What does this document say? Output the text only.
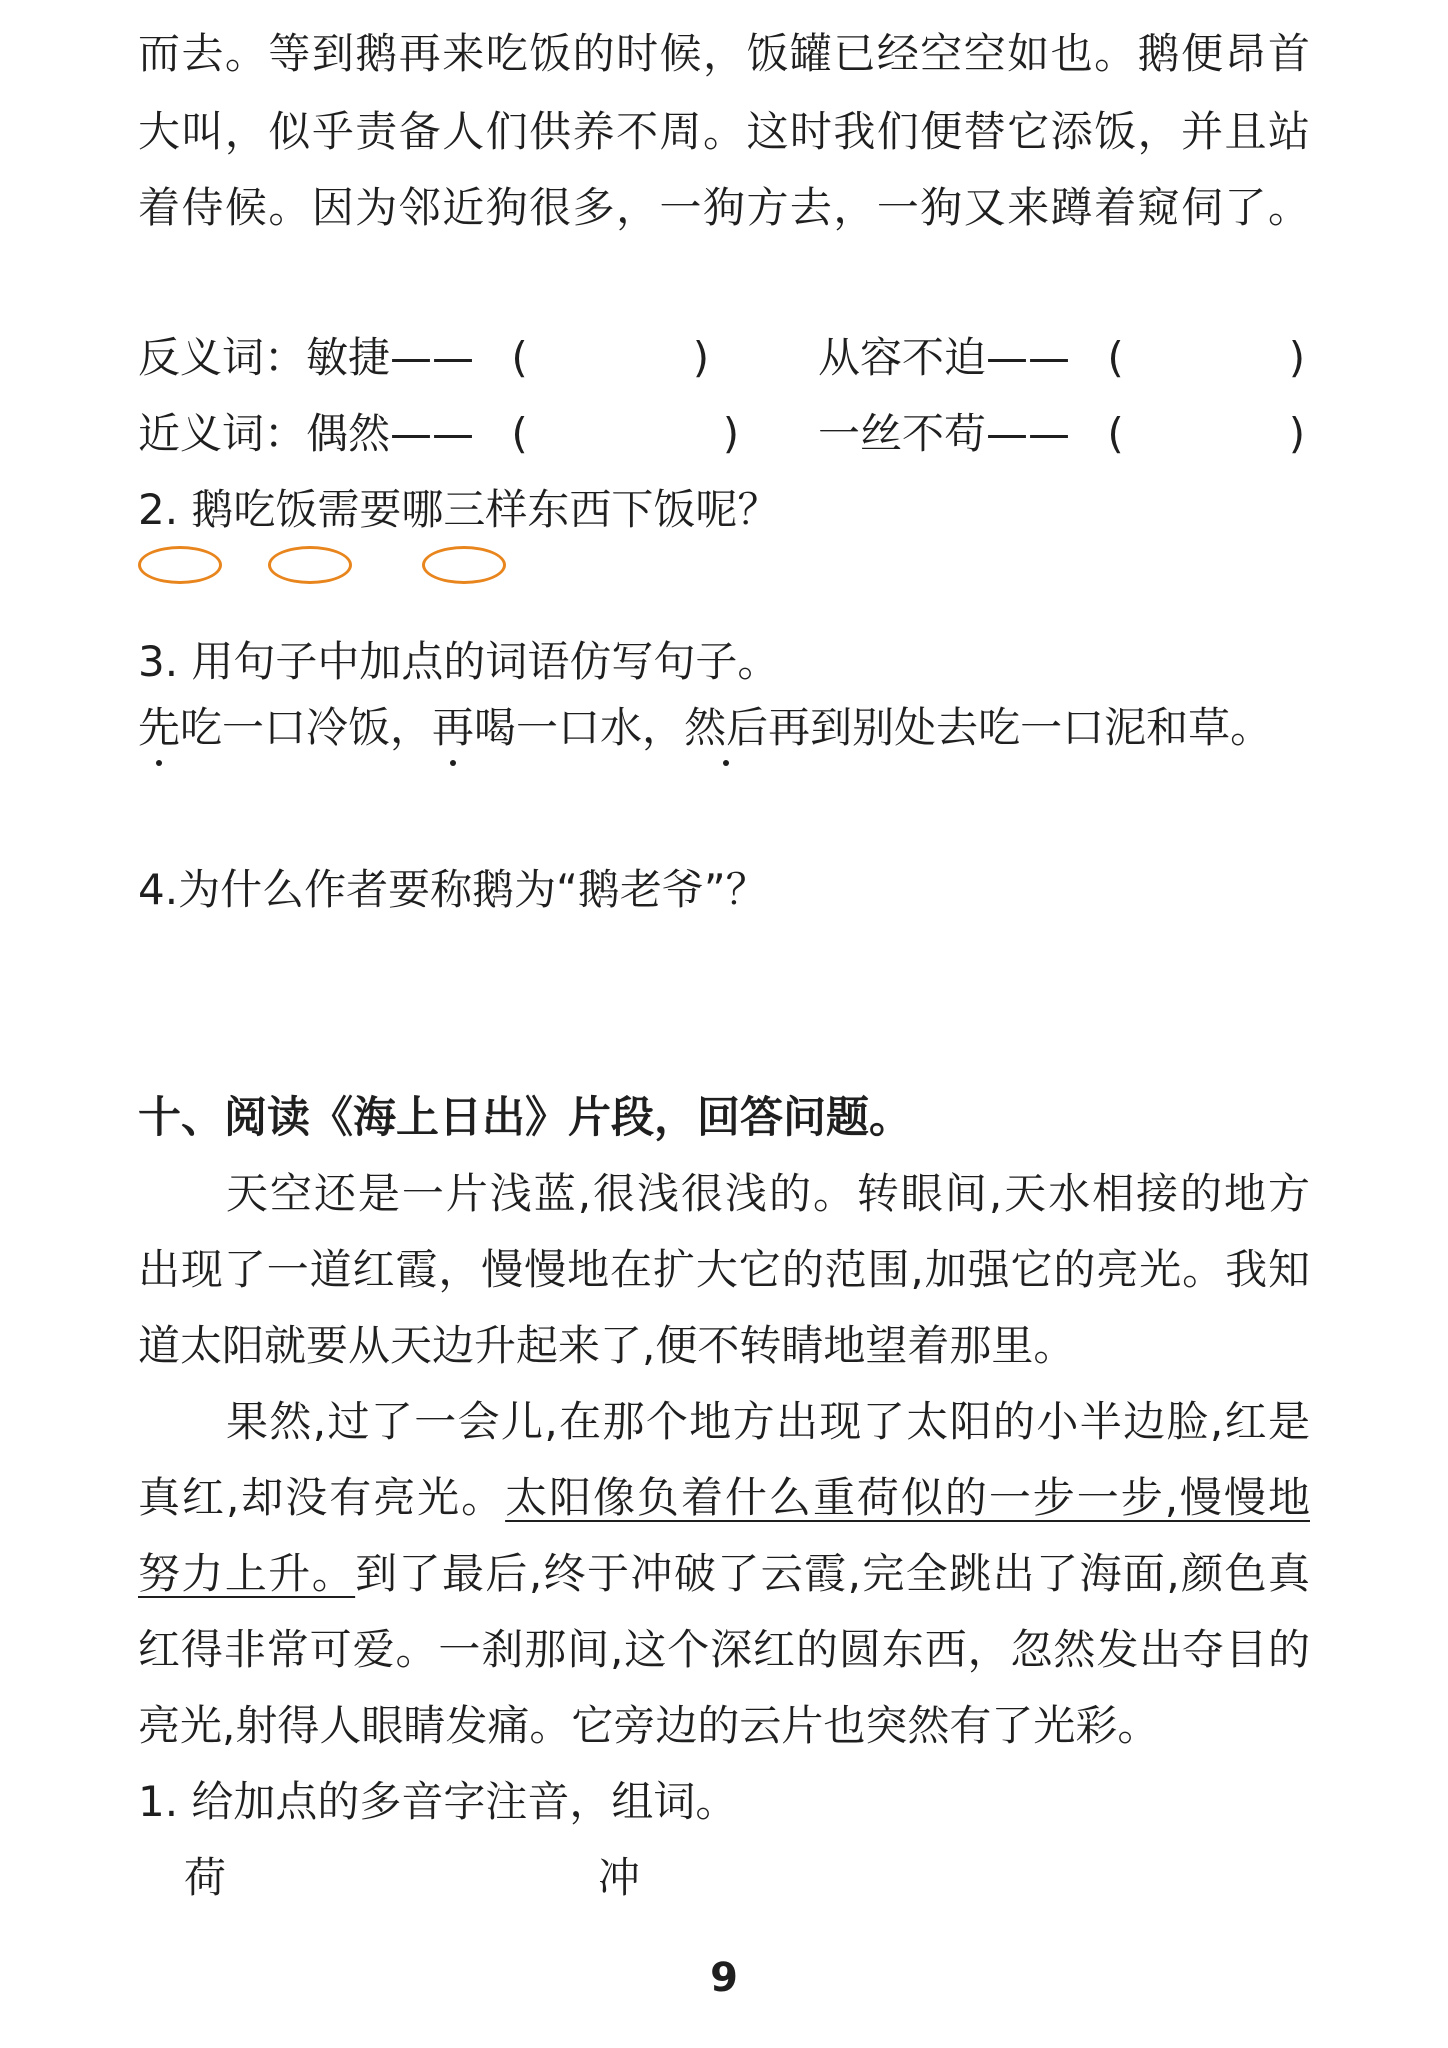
而去。等到鹅再来吃饭的时候，饭罐已经空空如也。鹅便昂首

大叫，似乎责备人们供养不周。这时我们便替它添饭，并且站

着侍候。因为邻近狗很多，一狗方去，一狗又来蹲着窥伺了。

反义词：敏捷—— (	)	从容不迫—— (	)
近义词：偶然—— (	) 一丝不苟—— (	)

2. 鹅吃饭需要哪三样东西下饭呢？

3. 用句子中加点的词语仿写句子。

先吃一口冷饭，再喝一口水，然后再到别处去吃一口泥和草。

4.为什么作者要称鹅为“鹅老爷”？

十、阅读《海上日出》片段，回答问题。

天空还是一片浅蓝,很浅很浅的。转眼间,天水相接的地方

出现了一道红霞，慢慢地在扩大它的范围,加强它的亮光。我知

道太阳就要从天边升起来了,便不转睛地望着那里。

果然,过了一会儿,在那个地方出现了太阳的小半边脸,红是

真红,却没有亮光。太阳像负着什么重荷似的一步一步,慢慢地

努力上升。到了最后,终于冲破了云霞,完全跳出了海面,颜色真

红得非常可爱。一刹那间,这个深红的圆东西，忽然发出夺目的

亮光,射得人眼睛发痛。它旁边的云片也突然有了光彩。

1. 给加点的多音字注音，组词。

荷	冲

9
